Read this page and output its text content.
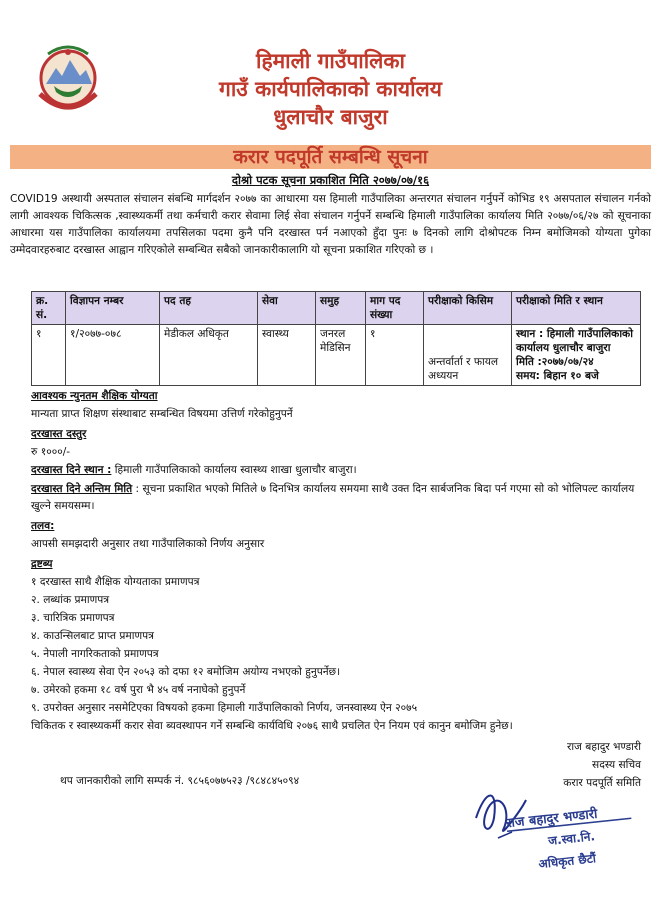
हिमाली गाउँपालिका
गाउँ कार्यपालिकाको कार्यालय
धुलाचौर बाजुरा
करार पदपूर्ति सम्बन्धि सूचना
दोश्रो पटक सूचना प्रकाशित मिति २०७७/०७/१६
COVID19 अस्थायी अस्पताल संचालन संबन्धि मार्गदर्शन २०७७ का आधारमा यस हिमाली गाउँपालिका अन्तरगत संचालन गर्नुपर्ने कोभिड १९ असपताल संचालन गर्नको लागी आवश्यक चिकित्सक ,स्वास्थ्यकर्मी तथा कर्मचारी करार सेवामा लिई सेवा संचालन गर्नुपर्ने सम्बन्धि हिमाली गाउँपालिका कार्यालय मिति २०७७/०६/२७ को सूचनाका आधारमा यस गाउँपालिका कार्यालयमा तपसिलका पदमा कुनै पनि दरखास्त पर्न नआएको हुँदा पुनः ७ दिनको लागि दोश्रोपटक निम्न बमोजिमको योग्यता पुगेका उम्मेदवारहरुबाट दरखास्त आह्वान गरिएकोले सम्बन्धित सबैको जानकारीकालागि यो सूचना प्रकाशित गरिएको छ ।
क्र. सं.	विज्ञापन नम्बर	पद तह	सेवा	समुह	माग पद संख्या	परीक्षाको किसिम	परीक्षाको मिति र स्थान
१	१/२०७७-०७८	मेडीकल अधिकृत	स्वास्थ्य	जनरल मेडिसिन	१	अन्तर्वार्ता र फायल अध्ययन	स्थान : हिमाली गाउँपालिकाको कार्यालय धुलाचौर बाजुरा
मिति :२०७७/०७/२४
समय: बिहान १० बजे
आवश्यक न्युनतम शैक्षिक योग्यता
मान्यता प्राप्त शिक्षण संस्थाबाट सम्बन्धित विषयमा उत्तिर्ण गरेकोहुनुपर्ने
दरखास्त दस्तुर
रु १०००/-
दरखास्त दिने स्थान : हिमाली गाउँपालिकाको कार्यालय स्वास्थ्य शाखा धुलाचौर बाजुरा।
दरखास्त दिने अन्तिम मिति : सूचना प्रकाशित भएको मितिले ७ दिनभित्र कार्यालय समयमा साथै उक्त दिन सार्बजनिक बिदा पर्न गएमा सो को भोलिपल्ट कार्यालय खुल्ने समयसम्म।
तलव:
आपसी समझदारी अनुसार तथा गाउँपालिकाको निर्णय अनुसार
द्रष्टब्य
१ दरखास्त साथै शैक्षिक योग्यताका प्रमाणपत्र
२. लब्धांक प्रमाणपत्र
३. चारित्रिक प्रमाणपत्र
४. काउन्सिलबाट प्राप्त प्रमाणपत्र
५. नेपाली नागरिकताको प्रमाणपत्र
६. नेपाल स्वास्थ्य सेवा ऐन २०५३ को दफा १२ बमोजिम अयोग्य नभएको हुनुपर्नेछ।
७. उमेरको हकमा १८ वर्ष पुरा भै ४५ वर्ष ननाघेको हुनुपर्ने
९. उपरोक्त अनुसार नसमेटिएका विषयको हकमा हिमाली गाउँपालिकाको निर्णय, जनस्वास्थ्य ऐन २०७५
चिकितक र स्वास्थ्यकर्मी करार सेवा ब्यवस्थापन गर्ने सम्बन्धि कार्यविधि २०७६ साथै प्रचलित ऐन नियम एवं कानुन बमोजिम हुनेछ।
राज बहादुर भण्डारी
सदस्य सचिव
करार पदपूर्ति समिति
थप जानकारीको लागि सम्पर्क नं. ९८५६०७७५२३ /९८४८४५०९४
राज बहादुर भण्डारी
ज.स्वा.नि.
अधिकृत छैटौं
